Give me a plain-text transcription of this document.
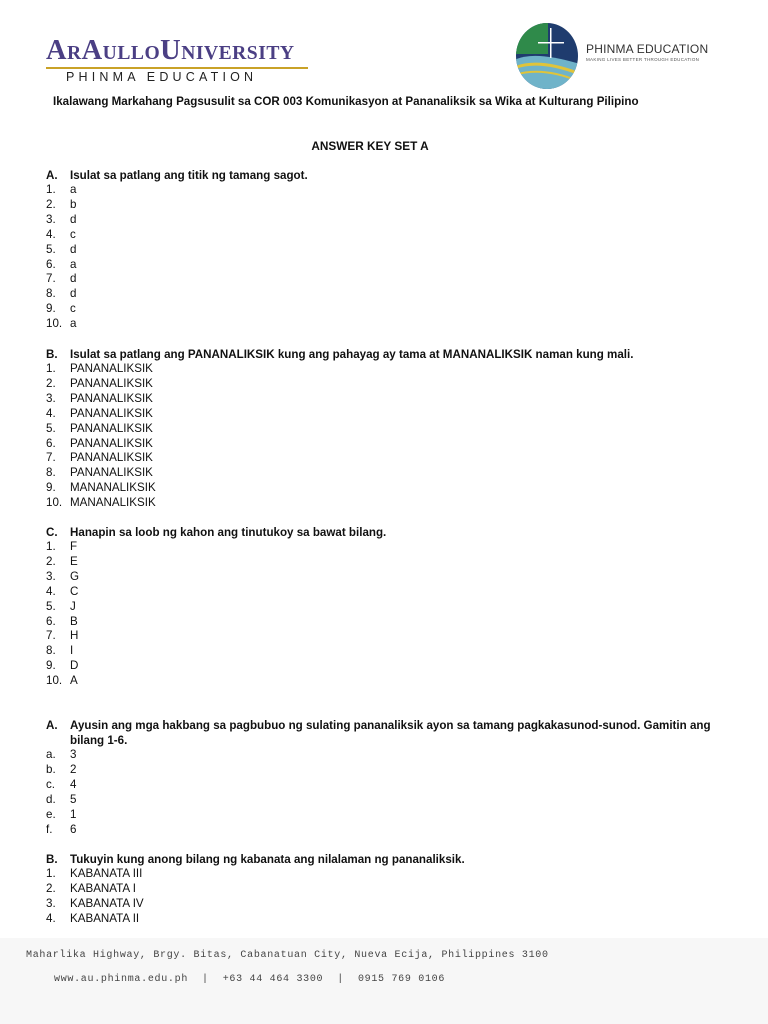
ArAulloUniversity
PHINMA EDUCATION
PHINMA EDUCATION
MAKING LIVES BETTER THROUGH EDUCATION
Ikalawang Markahang Pagsusulit sa COR 003 Komunikasyon at Pananaliksik sa Wika at Kulturang Pilipino
ANSWER KEY SET A
A.	Isulat sa patlang ang titik ng tamang sagot.
1.	a
2.	b
3.	d
4.	c
5.	d
6.	a
7.	d
8.	d
9.	c
10. a
B.	Isulat sa patlang ang PANANALIKSIK kung ang pahayag ay tama at MANANALIKSIK naman kung mali.
1.	PANANALIKSIK
2.	PANANALIKSIK
3.	PANANALIKSIK
4.	PANANALIKSIK
5.	PANANALIKSIK
6.	PANANALIKSIK
7.	PANANALIKSIK
8.	PANANALIKSIK
9.	MANANALIKSIK
10. MANANALIKSIK
C.	Hanapin sa loob ng kahon ang tinutukoy sa bawat bilang.
1.	F
2.	E
3.	G
4.	C
5.	J
6.	B
7.	H
8.	I
9.	D
10. A
A.	Ayusin ang mga hakbang sa pagbubuo ng sulating pananaliksik ayon sa tamang pagkakasunod-sunod. Gamitin ang bilang 1-6.
a.	3
b.	2
c.	4
d.	5
e.	1
f.	6
B.	Tukuyin kung anong bilang ng kabanata ang nilalaman ng pananaliksik.
1.	KABANATA III
2.	KABANATA I
3.	KABANATA IV
4.	KABANATA II
Maharlika Highway, Brgy. Bitas, Cabanatuan City, Nueva Ecija, Philippines 3100
www.au.phinma.edu.ph | +63 44 464 3300 | 0915 769 0106
